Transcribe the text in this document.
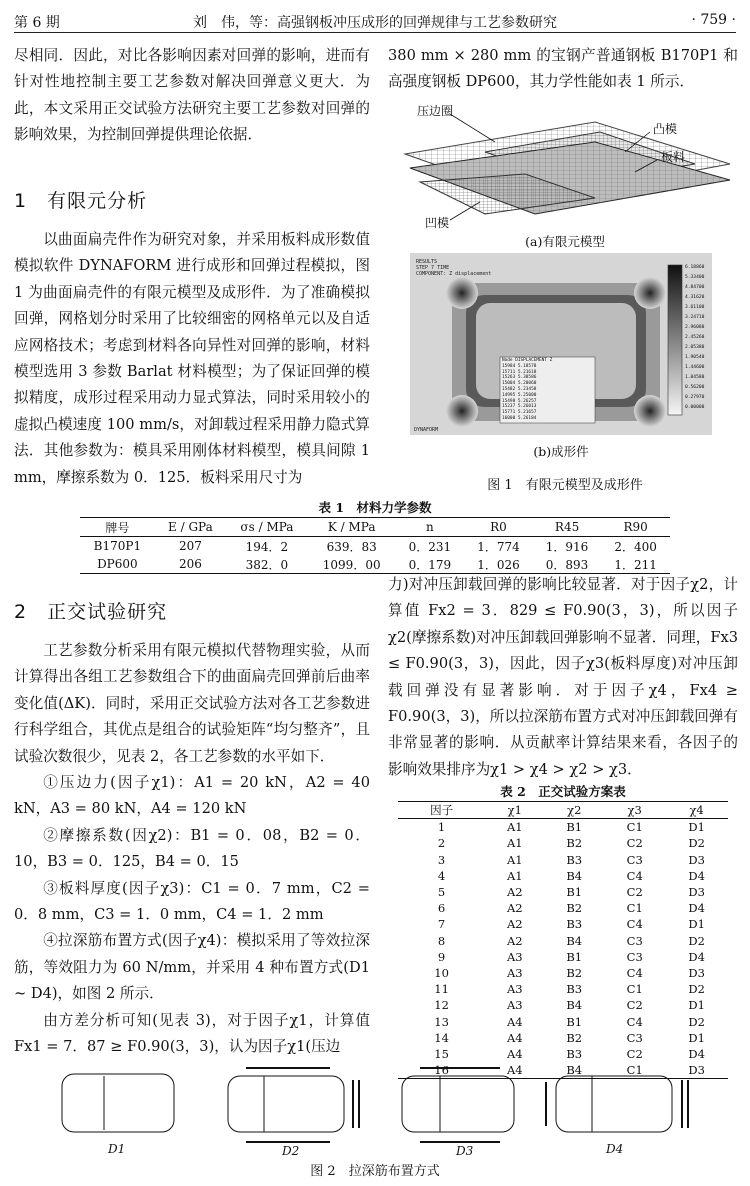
第 6 期	刘　伟，等：高强钢板冲压成形的回弹规律与工艺参数研究	· 759 ·

尽相同．因此，对比各影响因素对回弹的影响，进而有针对性地控制主要工艺参数对解决回弹意义更大．为此，本文采用正交试验方法研究主要工艺参数对回弹的影响效果，为控制回弹提供理论依据．

1　 有限元分析

以曲面扁壳件作为研究对象，并采用板料成形数值模拟软件 DYNAFORM 进行成形和回弹过程模拟，图 1 为曲面扁壳件的有限元模型及成形件．为了准确模拟回弹，网格划分时采用了比较细密的网格单元以及自适应网格技术；考虑到材料各向异性对回弹的影响，材料模型选用 3 参数 Barlat 材料模型；为了保证回弹的模拟精度，成形过程采用动力显式算法，同时采用较小的虚拟凸模速度 100 mm/s，对卸载过程采用静力隐式算法．其他参数为：模具采用刚体材料模型，模具间隙 1 mm，摩擦系数为 0．125．板料采用尺寸为

380 mm × 280 mm 的宝钢产普通钢板 B170P1 和高强度钢板 DP600，其力学性能如表 1 所示．

压边圈
凸模
板料
凹模
(a)有限元模型
RESULTS
STEP 7 TIME
COMPONENT: Z displacement
DYNAFORM
6.18860
5.33400
4.84700
4.31620
3.61100
3.24710
2.96080
2.45260
2.05380
1.90540
1.44600
1.04580
0.56200
0.27970
0.00000
Node DISPLACEMENT Z
15984 5.18578
15711 5.21618
15263 5.38586
15004 5.20060
15482 5.23458
14995 5.25000
15498 5.26257
15237 5.26013
15771 5.21657
16000 5.26184
(b)成形件
图 1　有限元模型及成形件
表 1　材料力学参数
牌号	E / GPa	σs / MPa	K / MPa	n	R0	R45	R90
B170P1	207	194．2	639．83	0．231	1．774	1．916	2．400
DP600	206	382．0	1099．00	0．179	1．026	0．893	1．211
2　 正交试验研究

工艺参数分析采用有限元模拟代替物理实验，从而计算得出各组工艺参数组合下的曲面扁壳回弹前后曲率变化值(ΔK)．同时，采用正交试验方法对各工艺参数进行科学组合，其优点是组合的试验矩阵“均匀整齐”，且试验次数很少，见表 2，各工艺参数的水平如下．

①压边力(因子χ1)：A1 = 20 kN，A2 = 40 kN，A3 = 80 kN，A4 = 120 kN

②摩擦系数(因χ2)：B1 = 0．08，B2 = 0．10，B3 = 0．125，B4 = 0．15

③板料厚度(因子χ3)：C1 = 0．7 mm，C2 = 0．8 mm，C3 = 1．0 mm，C4 = 1．2 mm

④拉深筋布置方式(因子χ4)：模拟采用了等效拉深筋，等效阻力为 60 N/mm，并采用 4 种布置方式(D1 ~ D4)，如图 2 所示．

由方差分析可知(见表 3)，对于因子χ1，计算值 Fx1 = 7．87 ≥ F0.90(3，3)，认为因子χ1(压边

力)对冲压卸载回弹的影响比较显著．对于因子χ2，计算值 Fx2 = 3．829 ≤ F0.90(3，3)，所以因子χ2(摩擦系数)对冲压卸载回弹影响不显著．同理，Fx3 ≤ F0.90(3，3)，因此，因子χ3(板料厚度)对冲压卸载回弹没有显著影响．对于因子χ4，Fx4 ≥ F0.90(3，3)，所以拉深筋布置方式对冲压卸载回弹有非常显著的影响．从贡献率计算结果来看，各因子的影响效果排序为χ1 > χ4 > χ2 > χ3．

表 2　正交试验方案表
因子	χ1	χ2	χ3	χ4
1	A1	B1	C1	D1
2	A1	B2	C2	D2
3	A1	B3	C3	D3
4	A1	B4	C4	D4
5	A2	B1	C2	D3
6	A2	B2	C1	D4
7	A2	B3	C4	D1
8	A2	B4	C3	D2
9	A3	B1	C3	D4
10	A3	B2	C4	D3
11	A3	B3	C1	D2
12	A3	B4	C2	D1
13	A4	B1	C4	D2
14	A4	B2	C3	D1
15	A4	B3	C2	D4
16	A4	B4	C1	D3
D1	D2	D3	D4
图 2　拉深筋布置方式
